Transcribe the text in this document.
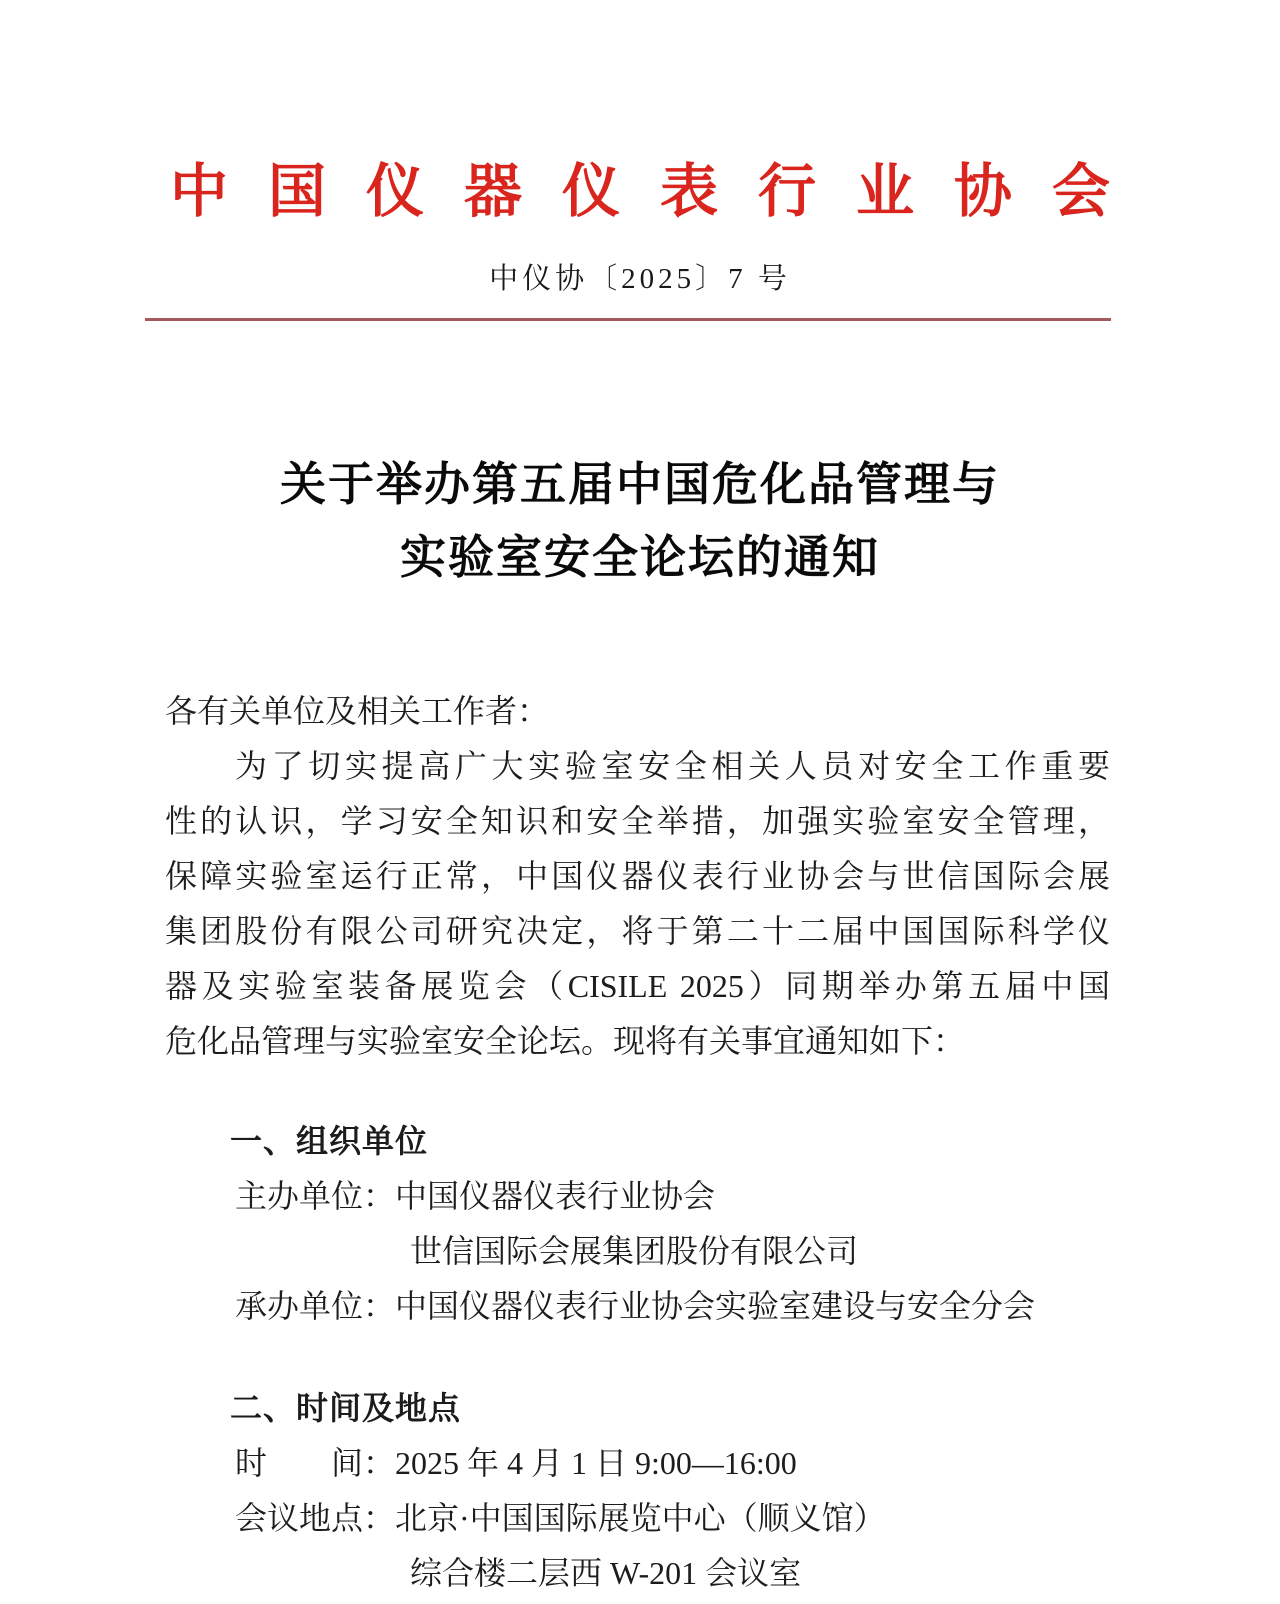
中国仪器仪表行业协会
中仪协〔2025〕7 号
关于举办第五届中国危化品管理与
实验室安全论坛的通知
各有关单位及相关工作者：
为了切实提高广大实验室安全相关人员对安全工作重要
性的认识，学习安全知识和安全举措，加强实验室安全管理，
保障实验室运行正常，中国仪器仪表行业协会与世信国际会展
集团股份有限公司研究决定，将于第二十二届中国国际科学仪
器及实验室装备展览会（CISILE 2025）同期举办第五届中国
危化品管理与实验室安全论坛。现将有关事宜通知如下：
一、组织单位
主办单位：中国仪器仪表行业协会
世信国际会展集团股份有限公司
承办单位：中国仪器仪表行业协会实验室建设与安全分会
二、时间及地点
时　　间：2025 年 4 月 1 日 9:00—16:00
会议地点：北京·中国国际展览中心（顺义馆）
综合楼二层西 W-201 会议室
